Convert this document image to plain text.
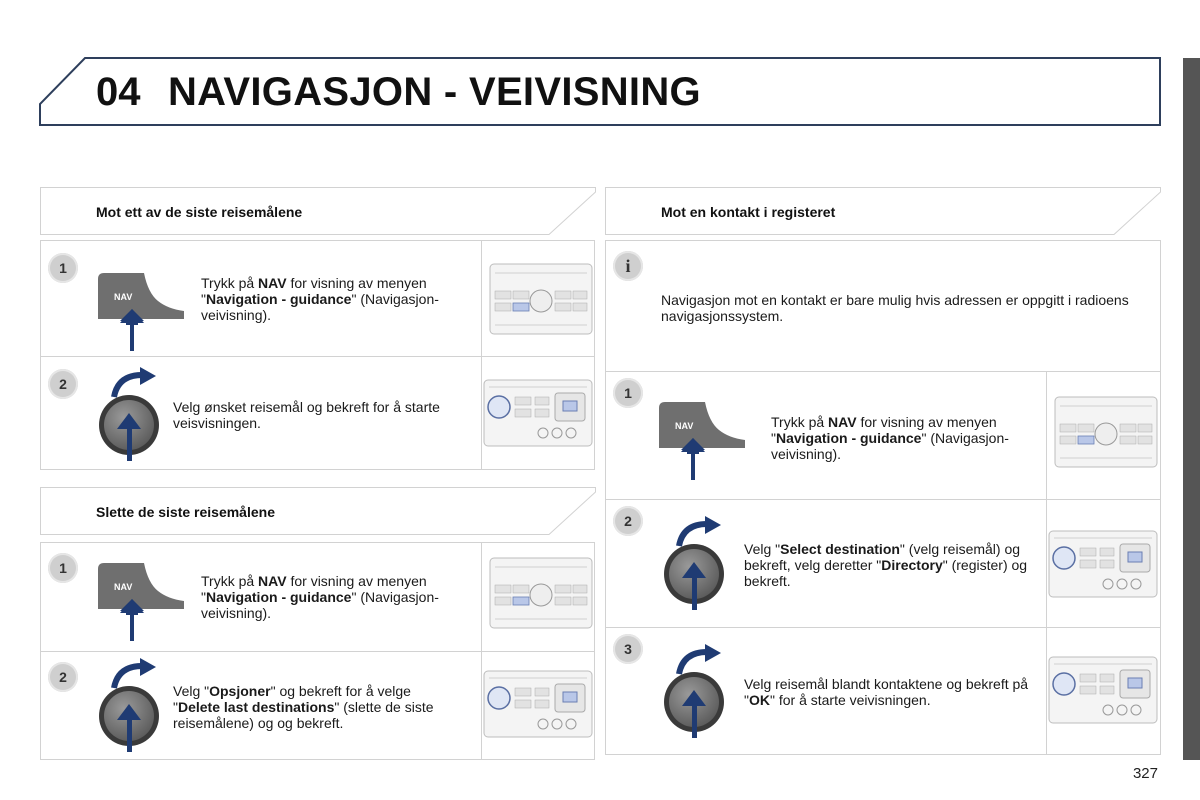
04 NAVIGASJON - VEIVISNING
Mot ett av de siste reisemålene
1
NAV
Trykk på NAV for visning av menyen "Navigation - guidance" (Navigasjon-veivisning).
2
Velg ønsket reisemål og bekreft for å starte veisvisningen.
Slette de siste reisemålene
1
NAV	Trykk på NAV for visning av menyen "Navigation - guidance" (Navigasjon-veivisning).
2
Velg "Opsjoner" og bekreft for å velge "Delete last destinations" (slette de siste reisemålene) og og bekreft.
Mot en kontakt i registeret
i
Navigasjon mot en kontakt er bare mulig hvis adressen er oppgitt i radioens navigasjonssystem.
1
NAV	Trykk på NAV for visning av menyen "Navigation - guidance" (Navigasjon-veivisning).
2
Velg "Select destination" (velg reisemål) og bekreft, velg deretter "Directory" (register) og bekreft.
3
Velg reisemål blandt kontaktene og bekreft på "OK" for å starte veivisningen.
327
